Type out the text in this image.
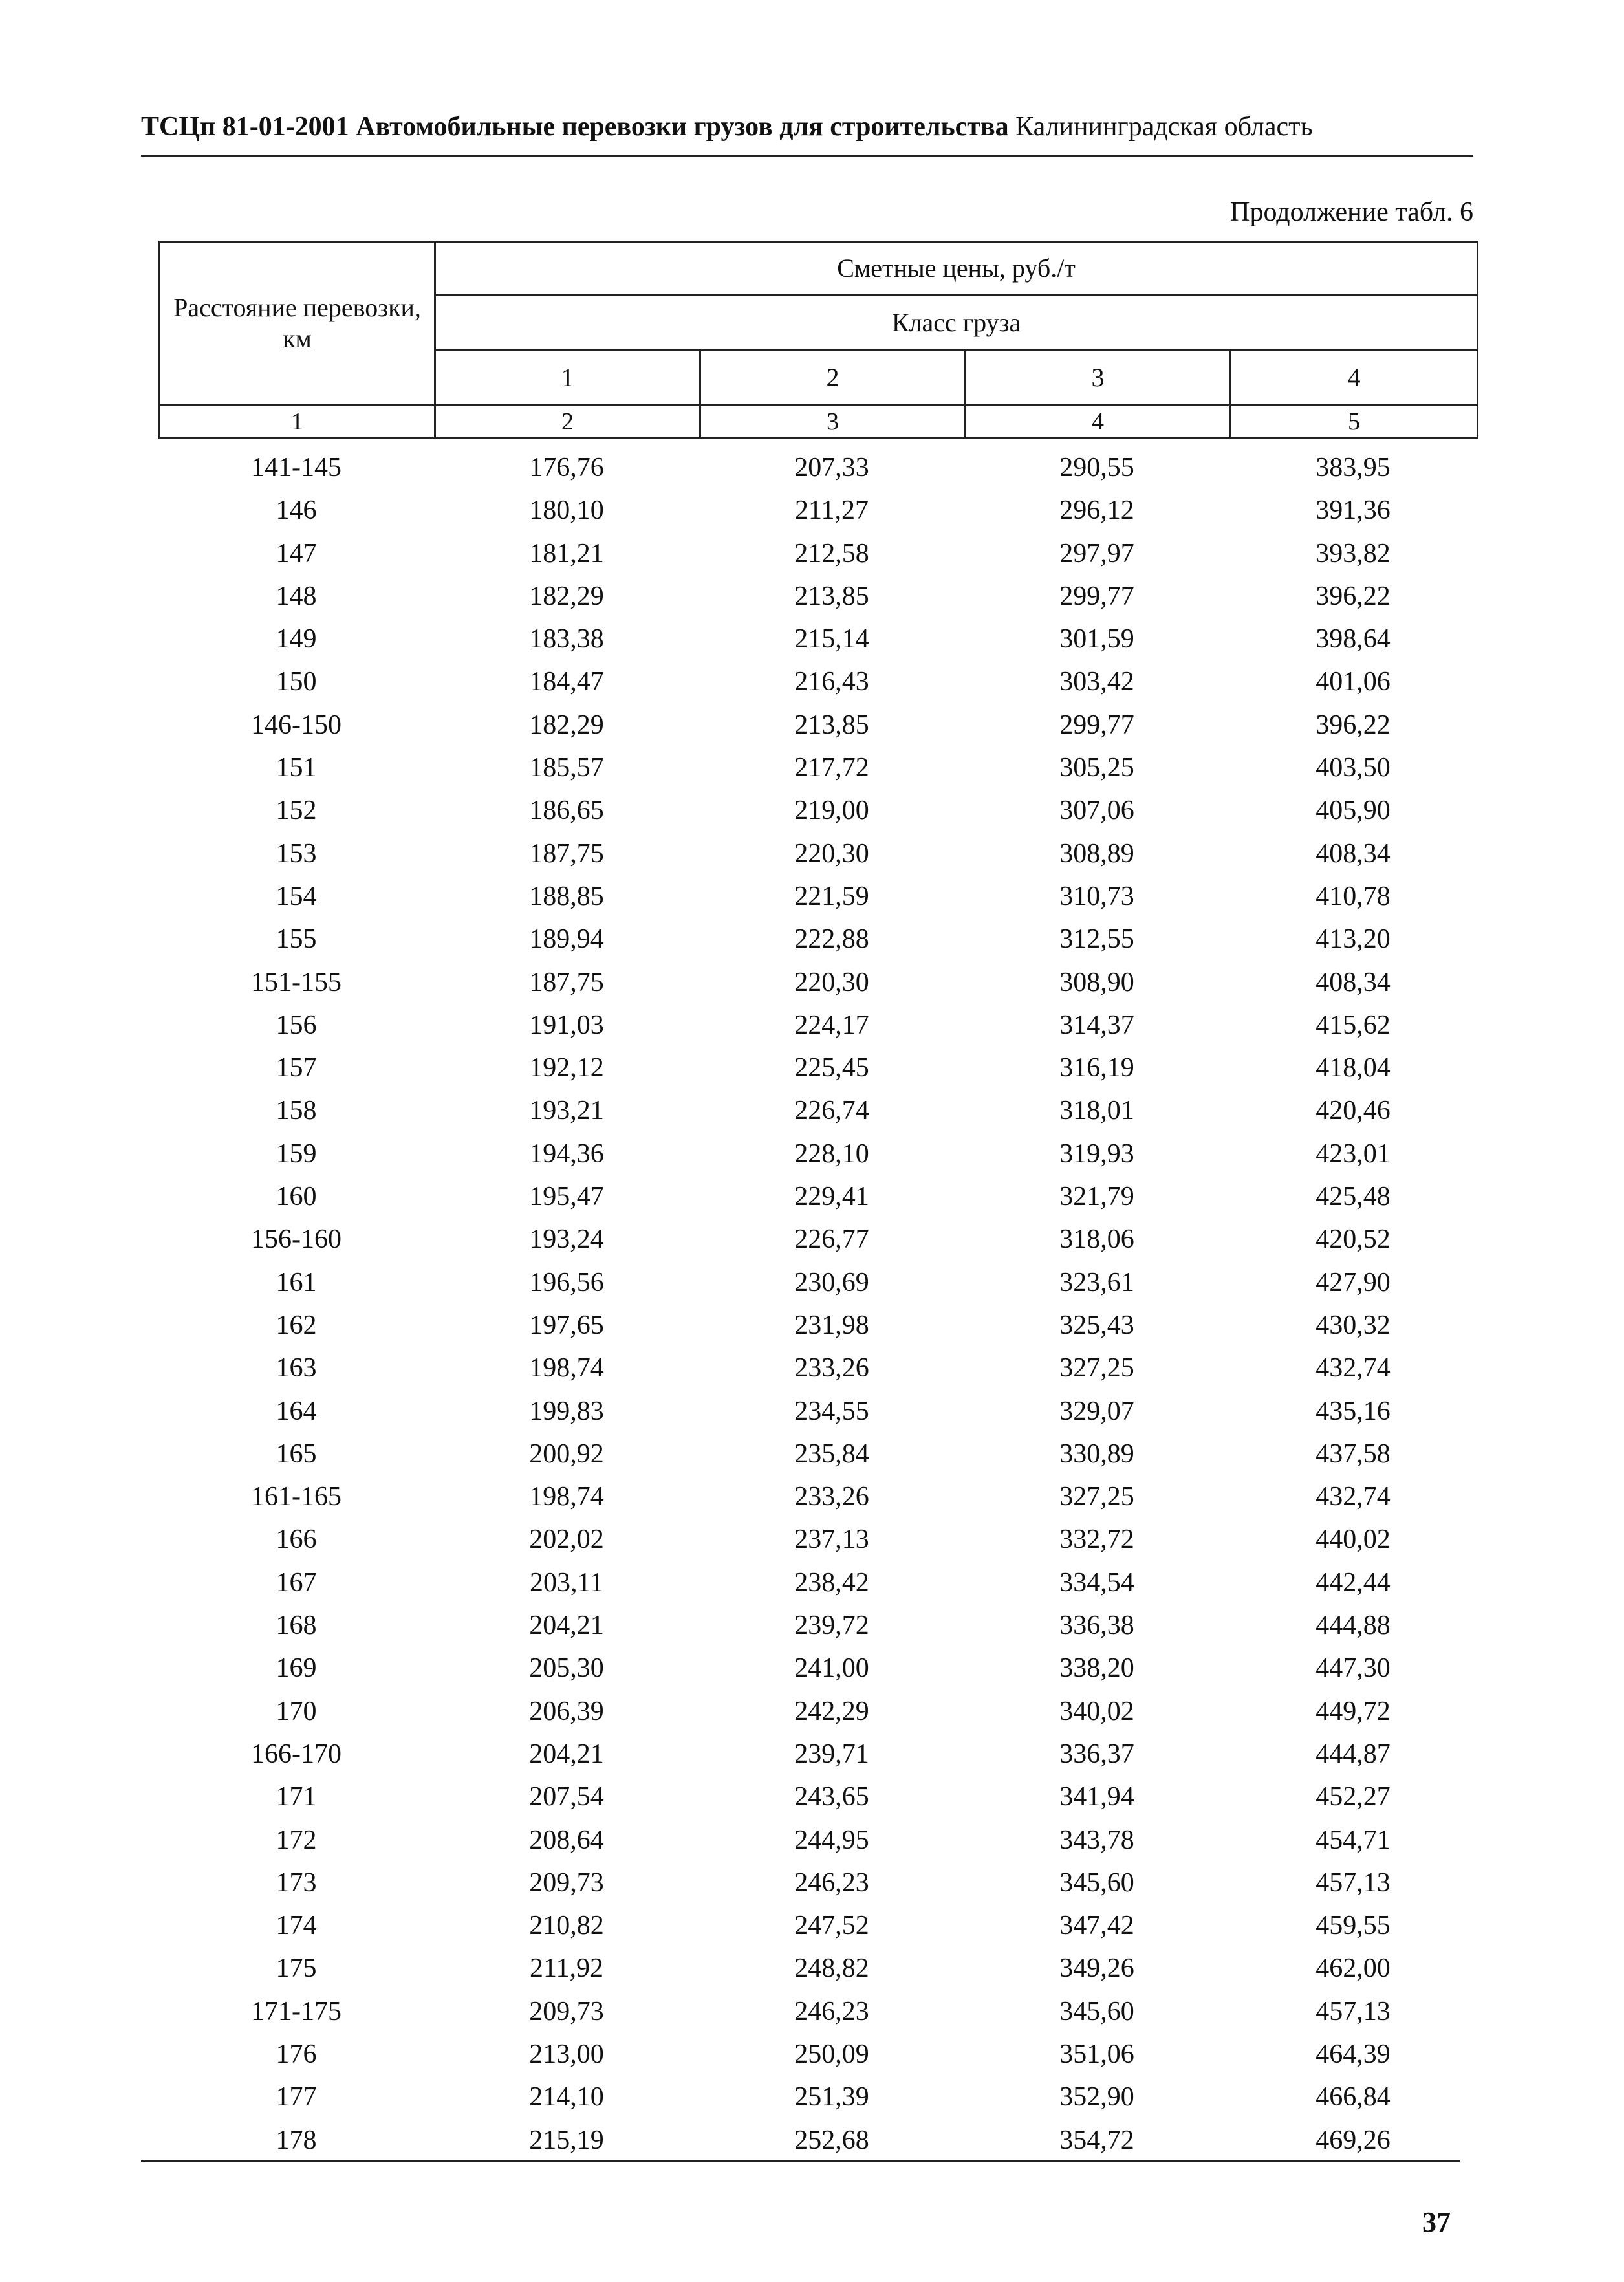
ТСЦп 81-01-2001 Автомобильные перевозки грузов для строительства Калининградская область
Продолжение табл. 6
Расстояние перевозки, км	Сметные цены, руб./т			
	Класс груза			
	1	2	3	4
1	2	3	4	5
141-145	176,76	207,33	290,55	383,95
146	180,10	211,27	296,12	391,36
147	181,21	212,58	297,97	393,82
148	182,29	213,85	299,77	396,22
149	183,38	215,14	301,59	398,64
150	184,47	216,43	303,42	401,06
146-150	182,29	213,85	299,77	396,22
151	185,57	217,72	305,25	403,50
152	186,65	219,00	307,06	405,90
153	187,75	220,30	308,89	408,34
154	188,85	221,59	310,73	410,78
155	189,94	222,88	312,55	413,20
151-155	187,75	220,30	308,90	408,34
156	191,03	224,17	314,37	415,62
157	192,12	225,45	316,19	418,04
158	193,21	226,74	318,01	420,46
159	194,36	228,10	319,93	423,01
160	195,47	229,41	321,79	425,48
156-160	193,24	226,77	318,06	420,52
161	196,56	230,69	323,61	427,90
162	197,65	231,98	325,43	430,32
163	198,74	233,26	327,25	432,74
164	199,83	234,55	329,07	435,16
165	200,92	235,84	330,89	437,58
161-165	198,74	233,26	327,25	432,74
166	202,02	237,13	332,72	440,02
167	203,11	238,42	334,54	442,44
168	204,21	239,72	336,38	444,88
169	205,30	241,00	338,20	447,30
170	206,39	242,29	340,02	449,72
166-170	204,21	239,71	336,37	444,87
171	207,54	243,65	341,94	452,27
172	208,64	244,95	343,78	454,71
173	209,73	246,23	345,60	457,13
174	210,82	247,52	347,42	459,55
175	211,92	248,82	349,26	462,00
171-175	209,73	246,23	345,60	457,13
176	213,00	250,09	351,06	464,39
177	214,10	251,39	352,90	466,84
178	215,19	252,68	354,72	469,26
37
